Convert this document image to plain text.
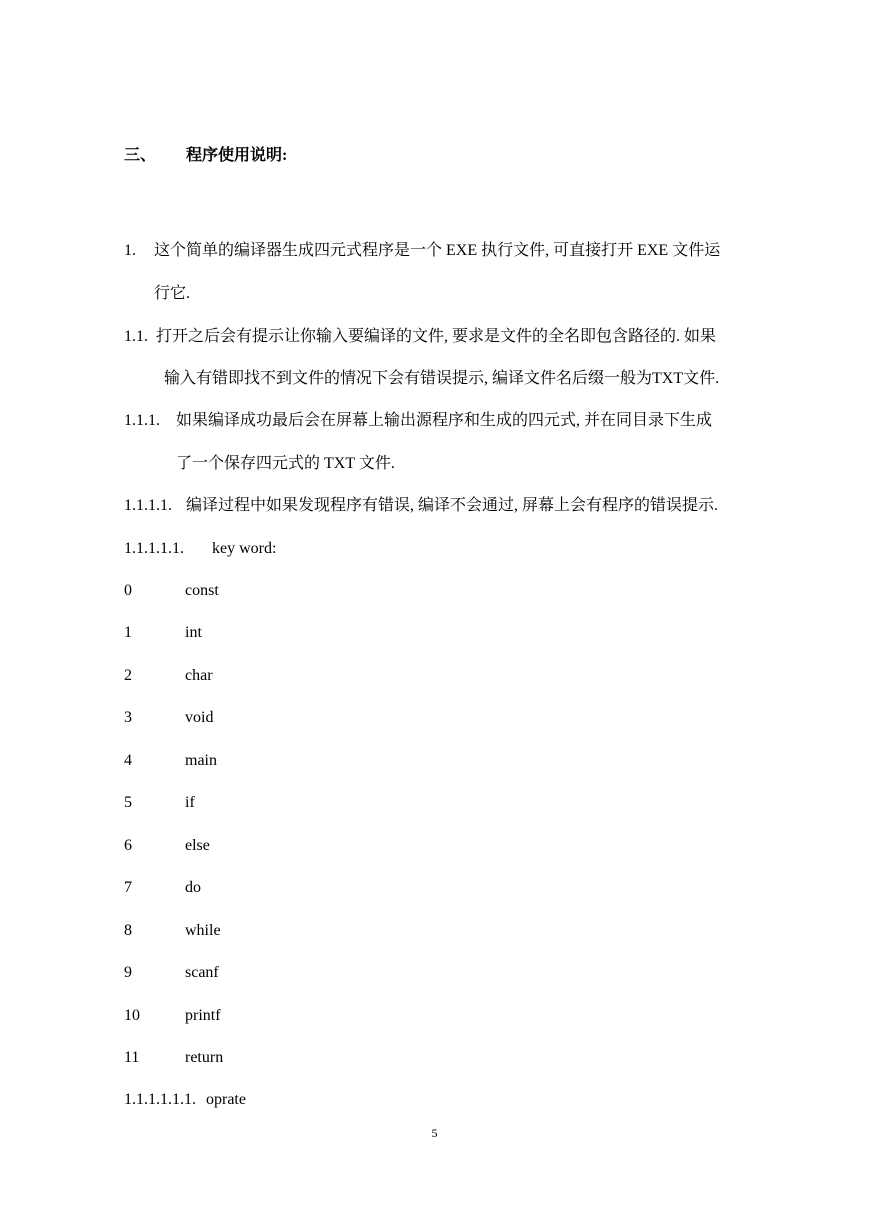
三、 程序使用说明:
1. 这个简单的编译器生成四元式程序是一个 EXE 执行文件, 可直接打开 EXE 文件运
行它.
1.1. 打开之后会有提示让你输入要编译的文件, 要求是文件的全名即包含路径的. 如果
输入有错即找不到文件的情况下会有错误提示, 编译文件名后缀一般为TXT文件.
1.1.1. 如果编译成功最后会在屏幕上输出源程序和生成的四元式, 并在同目录下生成
了一个保存四元式的 TXT 文件.
1.1.1.1. 编译过程中如果发现程序有错误, 编译不会通过, 屏幕上会有程序的错误提示.
1.1.1.1.1. key word:
0	const
1	int
2	char
3	void
4	main
5	if
6	else
7	do
8	while
9	scanf
10	printf
11	return
1.1.1.1.1.1. oprate
5
